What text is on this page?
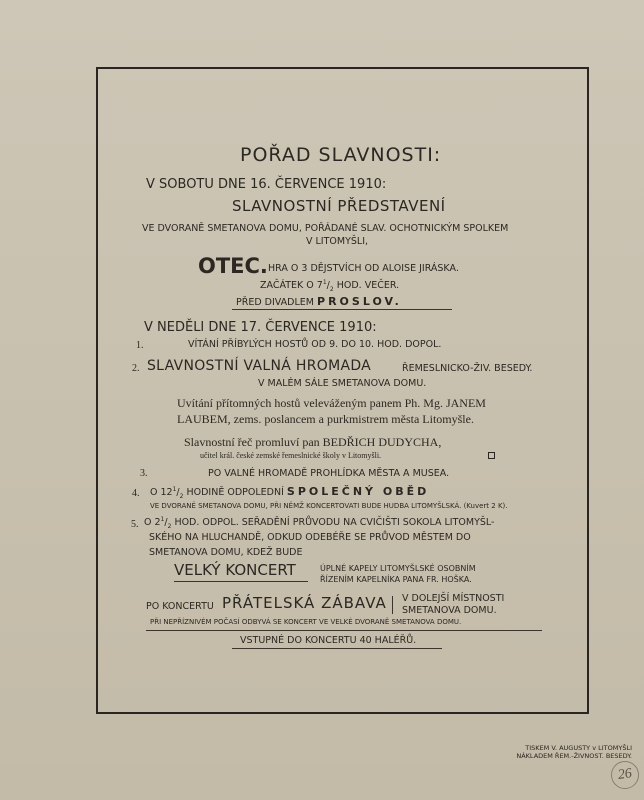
POŘAD SLAVNOSTI:
V SOBOTU DNE 16. ČERVENCE 1910:
SLAVNOSTNÍ PŘEDSTAVENÍ
VE DVORANĚ SMETANOVA DOMU, POŘÁDANÉ SLAV. OCHOTNICKÝM SPOLKEM
V LITOMYŠLI,
OTEC. HRA O 3 DĚJSTVÍCH OD ALOISE JIRÁSKA.
ZAČÁTEK O $7^1/_2$ HOD. VEČER.
PŘED DIVADLEM PROSLOV.
V NEDĚLI DNE 17. ČERVENCE 1910:
1.	VÍTÁNÍ PŘÍBYLÝCH HOSTŮ OD 9. DO 10. HOD. DOPOL.
2. SLAVNOSTNÍ VALNÁ HROMADA	ŘEMESLNICKO-ŽIV. BESEDY.
V MALÉM SÁLE SMETANOVA DOMU.
Uvítání přítomných hostů veleváženým panem Ph. Mg. JANEM
LAUBEM, zems. poslancem a purkmistrem města Litomyšle.
Slavnostní řeč promluví pan BEDŘICH DUDYCHA,
učitel král. české zemské řemeslnické školy v Litomyšli.
3.	PO VALNÉ HROMADĚ PROHLÍDKA MĚSTA A MUSEA.
4. O $12^1/_2$ HODINĚ ODPOLEDNÍ SPOLEČNÝ OBĚD
VE DVORANĚ SMETANOVA DOMU, PŘI NĚMŽ KONCERTOVATI BUDE HUDBA LITOMYŠLSKÁ. (Kuvert 2 K).
5. O $2^1/_2$ HOD. ODPOL. SEŘADĚNÍ PRŮVODU NA CVIČIŠTI SOKOLA LITOMYŠL-
SKÉHO NA HLUCHANDĚ, ODKUD ODEBÉŘE SE PRŮVOD MĚSTEM DO
SMETANOVA DOMU, KDEŽ BUDE
VELKÝ KONCERT	ÚPLNÉ KAPELY LITOMYŠLSKÉ OSOBNÍM
ŘÍZENÍM KAPELNÍKA PANA FR. HOŠKA.
PO KONCERTU PŘÁTELSKÁ ZÁBAVA V DOLEJŠÍ MÍSTNOSTI
SMETANOVA DOMU.
PŘI NEPŘÍZNIVÉM POČASÍ ODBYVÁ SE KONCERT VE VELKÉ DVORANĚ SMETANOVA DOMU.
VSTUPNÉ DO KONCERTU 40 HALÉŘŮ.
TISKEM V. AUGUSTY v LITOMYŠLI
NÁKLADEM ŘEM.-ŽIVNOST. BESEDY.
26
